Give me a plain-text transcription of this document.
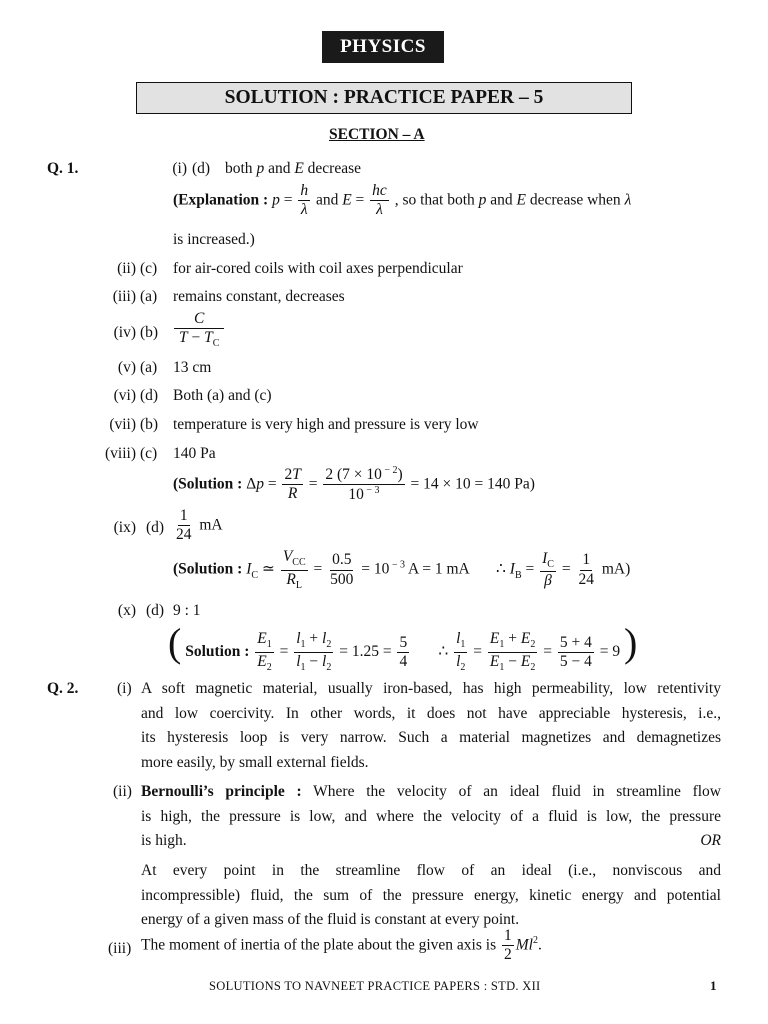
PHYSICS
SOLUTION : PRACTICE PAPER – 5
SECTION – A
Q. 1.	(i) (d) both p and E decrease
(Explanation : $p = \frac{h}{\lambda}$ and $E = \frac{hc}{\lambda}$ , so that both p and E decrease when λ
is increased.)
(ii) (c) for air-cored coils with coil axes perpendicular
(iii) (a) remains constant, decreases
(iv) $(b) \frac{C}{T - T_C}$
(v) (a) 13 cm
(vi) (d) Both (a) and (c)
(vii) (b) temperature is very high and pressure is very low
(viii) (c) 140 Pa
(Solution : $\Delta p = \frac{2T}{R} = \frac{2 (7 \times 10 ^{- 2})}{10 ^{- 3}} = 14 \times 10 = 140$ Pa)
(ix) $(d) \frac{1}{24}$ mA
(Solution : $I_C$ ≃ $\frac{V_{CC}}{R_L} = \frac{0.5}{500} = 10$ $^{- 3}$ A = 1 mA       ∴ $I_B = \frac{I_C}{\beta} = \frac{1}{24} mA$)
(x) (d) 9 : 1
( Solution : $\frac{E_1}{E_2} = \frac{l_1 + l_2}{l_1 - l_2} = 1.25 = \frac{5}{4}$ ∴ $\frac{l_1}{l_2} = \frac{E_1 + E_2}{E_1 - E_2} = \frac{5 + 4}{5 - 4} = 9$ )
Q. 2. (i) A soft magnetic material, usually iron-based, has high permeability, low retentivity
and low coercivity. In other words, it does not have appreciable hysteresis, i.e.,
its hysteresis loop is very narrow. Such a material magnetizes and demagnetizes
more easily, by small external fields.
(ii) Bernoulli’s principle : Where the velocity of an ideal fluid in streamline flow
is high, the pressure is low, and where the velocity of a fluid is low, the pressure
is high.	OR
At every point in the streamline flow of an ideal (i.e., nonviscous and
incompressible) fluid, the sum of the pressure energy, kinetic energy and potential
energy of a given mass of the fluid is constant at every point.
(iii) The moment of inertia of the plate about the given axis is $\frac{1}{2} Ml^2$.
SOLUTIONS TO NAVNEET PRACTICE PAPERS : STD. XII	1
